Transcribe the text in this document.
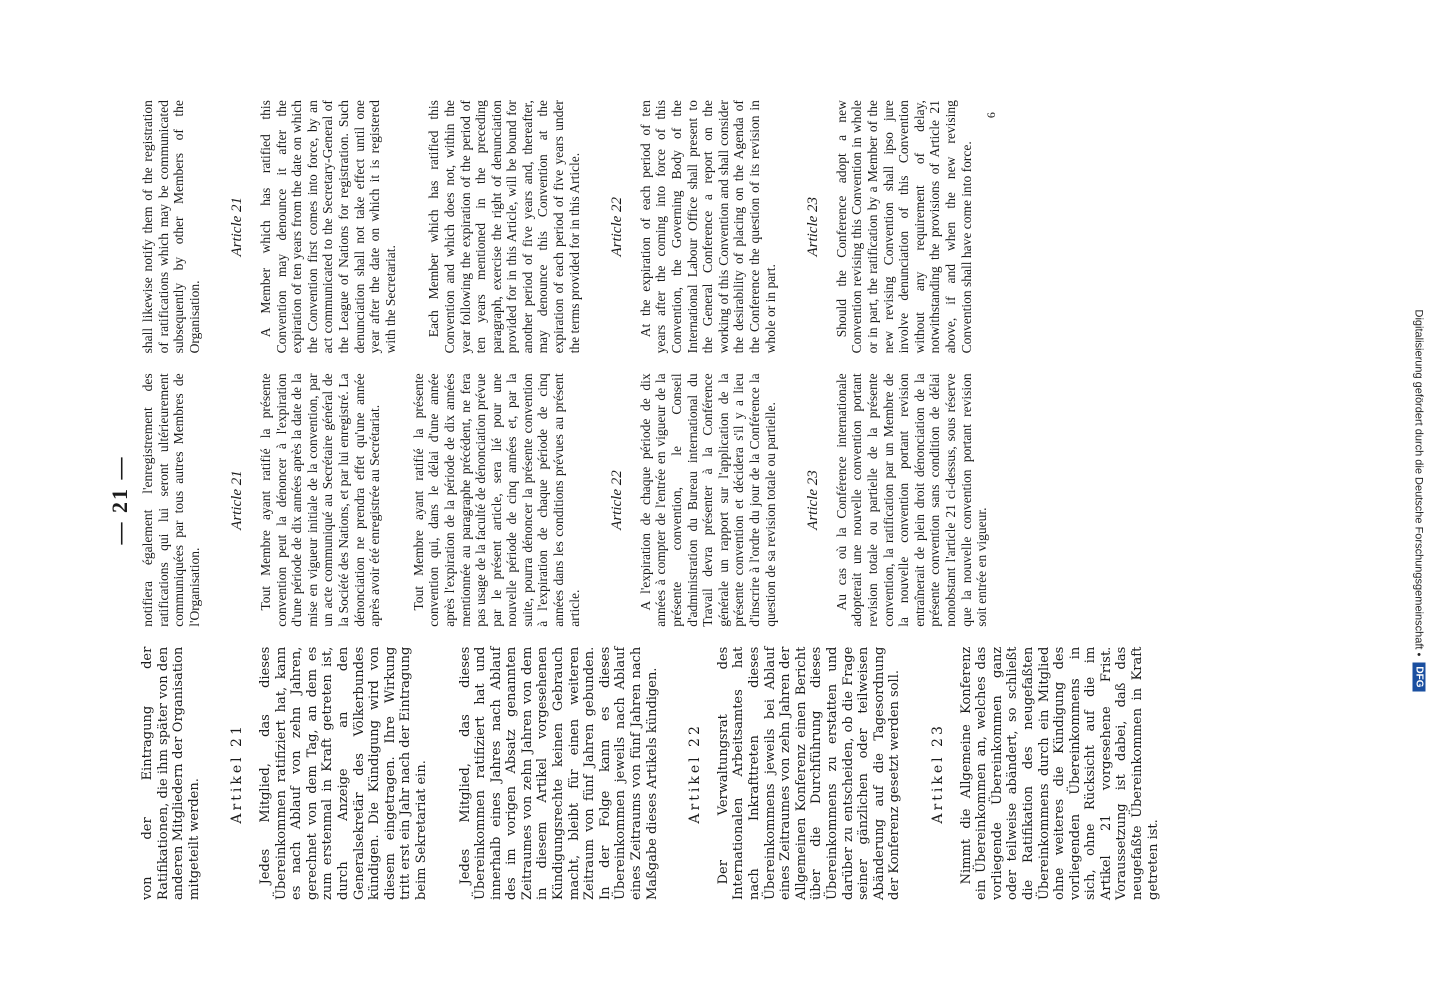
— 21 —

von der Eintragung der Ratifikationen, die ihm später von den anderen Mitgliedern der Organisation mitgeteilt werden.

Artikel 21 Jedes Mitglied, das dieses Übereinkommen ratifiziert hat, kann es nach Ablauf von zehn Jahren, gerechnet von dem Tag, an dem es zum erstenmal in Kraft getreten ist, durch Anzeige an den Generalsekretär des Völkerbundes kündigen. Die Kündigung wird von diesem eingetragen. Ihre Wirkung tritt erst ein Jahr nach der Eintragung beim Sekretariat ein. Jedes Mitglied, das dieses Übereinkommen ratifiziert hat und innerhalb eines Jahres nach Ablauf des im vorigen Absatz genannten Zeitraumes von zehn Jahren von dem in diesem Artikel vorgesehenen Kündigungsrechte keinen Gebrauch macht, bleibt für einen weiteren Zeitraum von fünf Jahren gebunden. In der Folge kann es dieses Übereinkommen jeweils nach Ablauf eines Zeitraums von fünf Jahren nach Maßgabe dieses Artikels kündigen. Artikel 22 Der Verwaltungsrat des Internationalen Arbeitsamtes hat nach Inkrafttreten dieses Übereinkommens jeweils bei Ablauf eines Zeitraumes von zehn Jahren der Allgemeinen Konferenz einen Bericht über die Durchführung dieses Übereinkommens zu erstatten und darüber zu entscheiden, ob die Frage seiner gänzlichen oder teilweisen Abänderung auf die Tagesordnung der Konferenz gesetzt werden soll. Artikel 23 Nimmt die Allgemeine Konferenz ein Übereinkommen an, welches das vorliegende Übereinkommen ganz oder teilweise abändert, so schließt die Ratifikation des neugefaßten Übereinkommens durch ein Mitglied ohne weiteres die Kündigung des vorliegenden Übereinkommens in sich, ohne Rücksicht auf die im Artikel 21 vorgesehene Frist. Voraussetzung ist dabei, daß das neugefaßte Übereinkommen in Kraft getreten ist.

notifiera également l'enregistrement des ratifications qui lui seront ultérieurement communiquées par tous autres Membres de l'Organisation.

Article 21 Tout Membre ayant ratifié la présente convention peut la dénoncer à l'expiration d'une période de dix années après la date de la mise en vigueur initiale de la convention, par un acte communiqué au Secrétaire général de la Société des Nations, et par lui enregistré. La dénonciation ne prendra effet qu'une année après avoir été enregistrée au Secrétariat. Tout Membre ayant ratifié la présente convention qui, dans le délai d'une année après l'expiration de la période de dix années mentionnée au paragraphe précédent, ne fera pas usage de la faculté de dénonciation prévue par le présent article, sera lié pour une nouvelle période de cinq années et, par la suite, pourra dénoncer la présente convention à l'expiration de chaque période de cinq années dans les conditions prévues au présent article.

Article 22 A l'expiration de chaque période de dix années à compter de l'entrée en vigueur de la présente convention, le Conseil d'administration du Bureau international du Travail devra présenter à la Conférence générale un rapport sur l'application de la présente convention et décidera s'il y a lieu d'inscrire à l'ordre du jour de la Conférence la question de sa revision totale ou partielle. Article 23 Au cas où la Conférence internationale adopterait une nouvelle convention portant revision totale ou partielle de la présente convention, la ratification par un Membre de la nouvelle convention portant revision entraînerait de plein droit dénonciation de la présente convention sans condition de délai nonobstant l'article 21 ci-dessus, sous réserve que la nouvelle convention portant revision soit entrée en vigueur.

shall likewise notify them of the registration of ratifications which may be communicated subsequently by other Members of the Organisation.

Article 21 A Member which has ratified this Convention may denounce it after the expiration of ten years from the date on which the Convention first comes into force, by an act communicated to the Secretary-General of the League of Nations for registration. Such denunciation shall not take effect until one year after the date on which it is registered with the Secretariat. Each Member which has ratified this Convention and which does not, within the year following the expiration of the period of ten years mentioned in the preceding paragraph, exercise the right of denunciation provided for in this Article, will be bound for another period of five years and, thereafter, may denounce this Convention at the expiration of each period of five years under the terms provided for in this Article. Article 22 At the expiration of each period of ten years after the coming into force of this Convention, the Governing Body of the International Labour Office shall present to the General Conference a report on the working of this Convention and shall consider the desirability of placing on the Agenda of the Conference the question of its revision in whole or in part.

Article 23 Should the Conference adopt a new Convention revising this Convention in whole or in part, the ratification by a Member of the new revising Convention shall ipso jure involve denunciation of this Convention without any requirement of delay, notwithstanding the provisions of Article 21 above, if and when the new revising Convention shall have come into force.

6
Digitalisierung gefördert durch die Deutsche Forschungsgemeinschaft •
DFG
